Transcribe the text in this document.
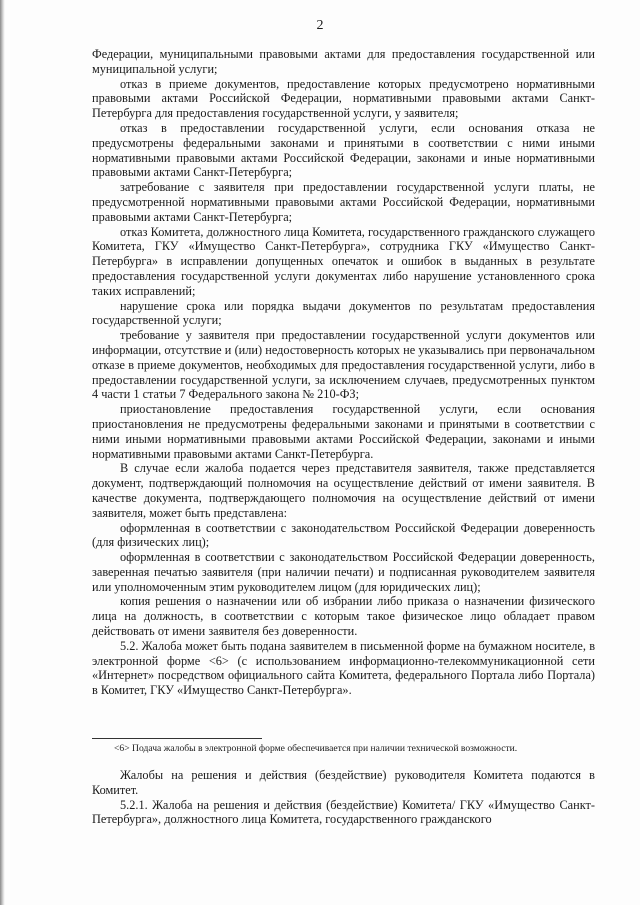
2

Федерации, муниципальными правовыми актами для предоставления государственной или муниципальной услуги;

отказ в приеме документов, предоставление которых предусмотрено нормативными правовыми актами Российской Федерации, нормативными правовыми актами Санкт-Петербурга для предоставления государственной услуги, у заявителя;

отказ в предоставлении государственной услуги, если основания отказа не предусмотрены федеральными законами и принятыми в соответствии с ними иными нормативными правовыми актами Российской Федерации, законами и иные нормативными правовыми актами Санкт-Петербурга;

затребование с заявителя при предоставлении государственной услуги платы, не предусмотренной нормативными правовыми актами Российской Федерации, нормативными правовыми актами Санкт-Петербурга;

отказ Комитета, должностного лица Комитета, государственного гражданского служащего Комитета, ГКУ «Имущество Санкт-Петербурга», сотрудника ГКУ «Имущество Санкт-Петербурга» в исправлении допущенных опечаток и ошибок в выданных в результате предоставления государственной услуги документах либо нарушение установленного срока таких исправлений;

нарушение срока или порядка выдачи документов по результатам предоставления государственной услуги;

требование у заявителя при предоставлении государственной услуги документов или информации, отсутствие и (или) недостоверность которых не указывались при первоначальном отказе в приеме документов, необходимых для предоставления государственной услуги, либо в предоставлении государственной услуги, за исключением случаев, предусмотренных пунктом 4 части 1 статьи 7 Федерального закона № 210-ФЗ;

приостановление предоставления государственной услуги, если основания приостановления не предусмотрены федеральными законами и принятыми в соответствии с ними иными нормативными правовыми актами Российской Федерации, законами и иными нормативными правовыми актами Санкт-Петербурга.

В случае если жалоба подается через представителя заявителя, также представляется документ, подтверждающий полномочия на осуществление действий от имени заявителя. В качестве документа, подтверждающего полномочия на осуществление действий от имени заявителя, может быть представлена:

оформленная в соответствии с законодательством Российской Федерации доверенность (для физических лиц);

оформленная в соответствии с законодательством Российской Федерации доверенность, заверенная печатью заявителя (при наличии печати) и подписанная руководителем заявителя или уполномоченным этим руководителем лицом (для юридических лиц);

копия решения о назначении или об избрании либо приказа о назначении физического лица на должность, в соответствии с которым такое физическое лицо обладает правом действовать от имени заявителя без доверенности.

5.2. Жалоба может быть подана заявителем в письменной форме на бумажном носителе, в электронной форме <6> (с использованием информационно-телекоммуникационной сети «Интернет» посредством официального сайта Комитета, федерального Портала либо Портала) в Комитет, ГКУ «Имущество Санкт-Петербурга».

<6> Подача жалобы в электронной форме обеспечивается при наличии технической возможности.

Жалобы на решения и действия (бездействие) руководителя Комитета подаются в Комитет.

5.2.1. Жалоба на решения и действия (бездействие) Комитета/ ГКУ «Имущество Санкт-Петербурга», должностного лица Комитета, государственного гражданского
